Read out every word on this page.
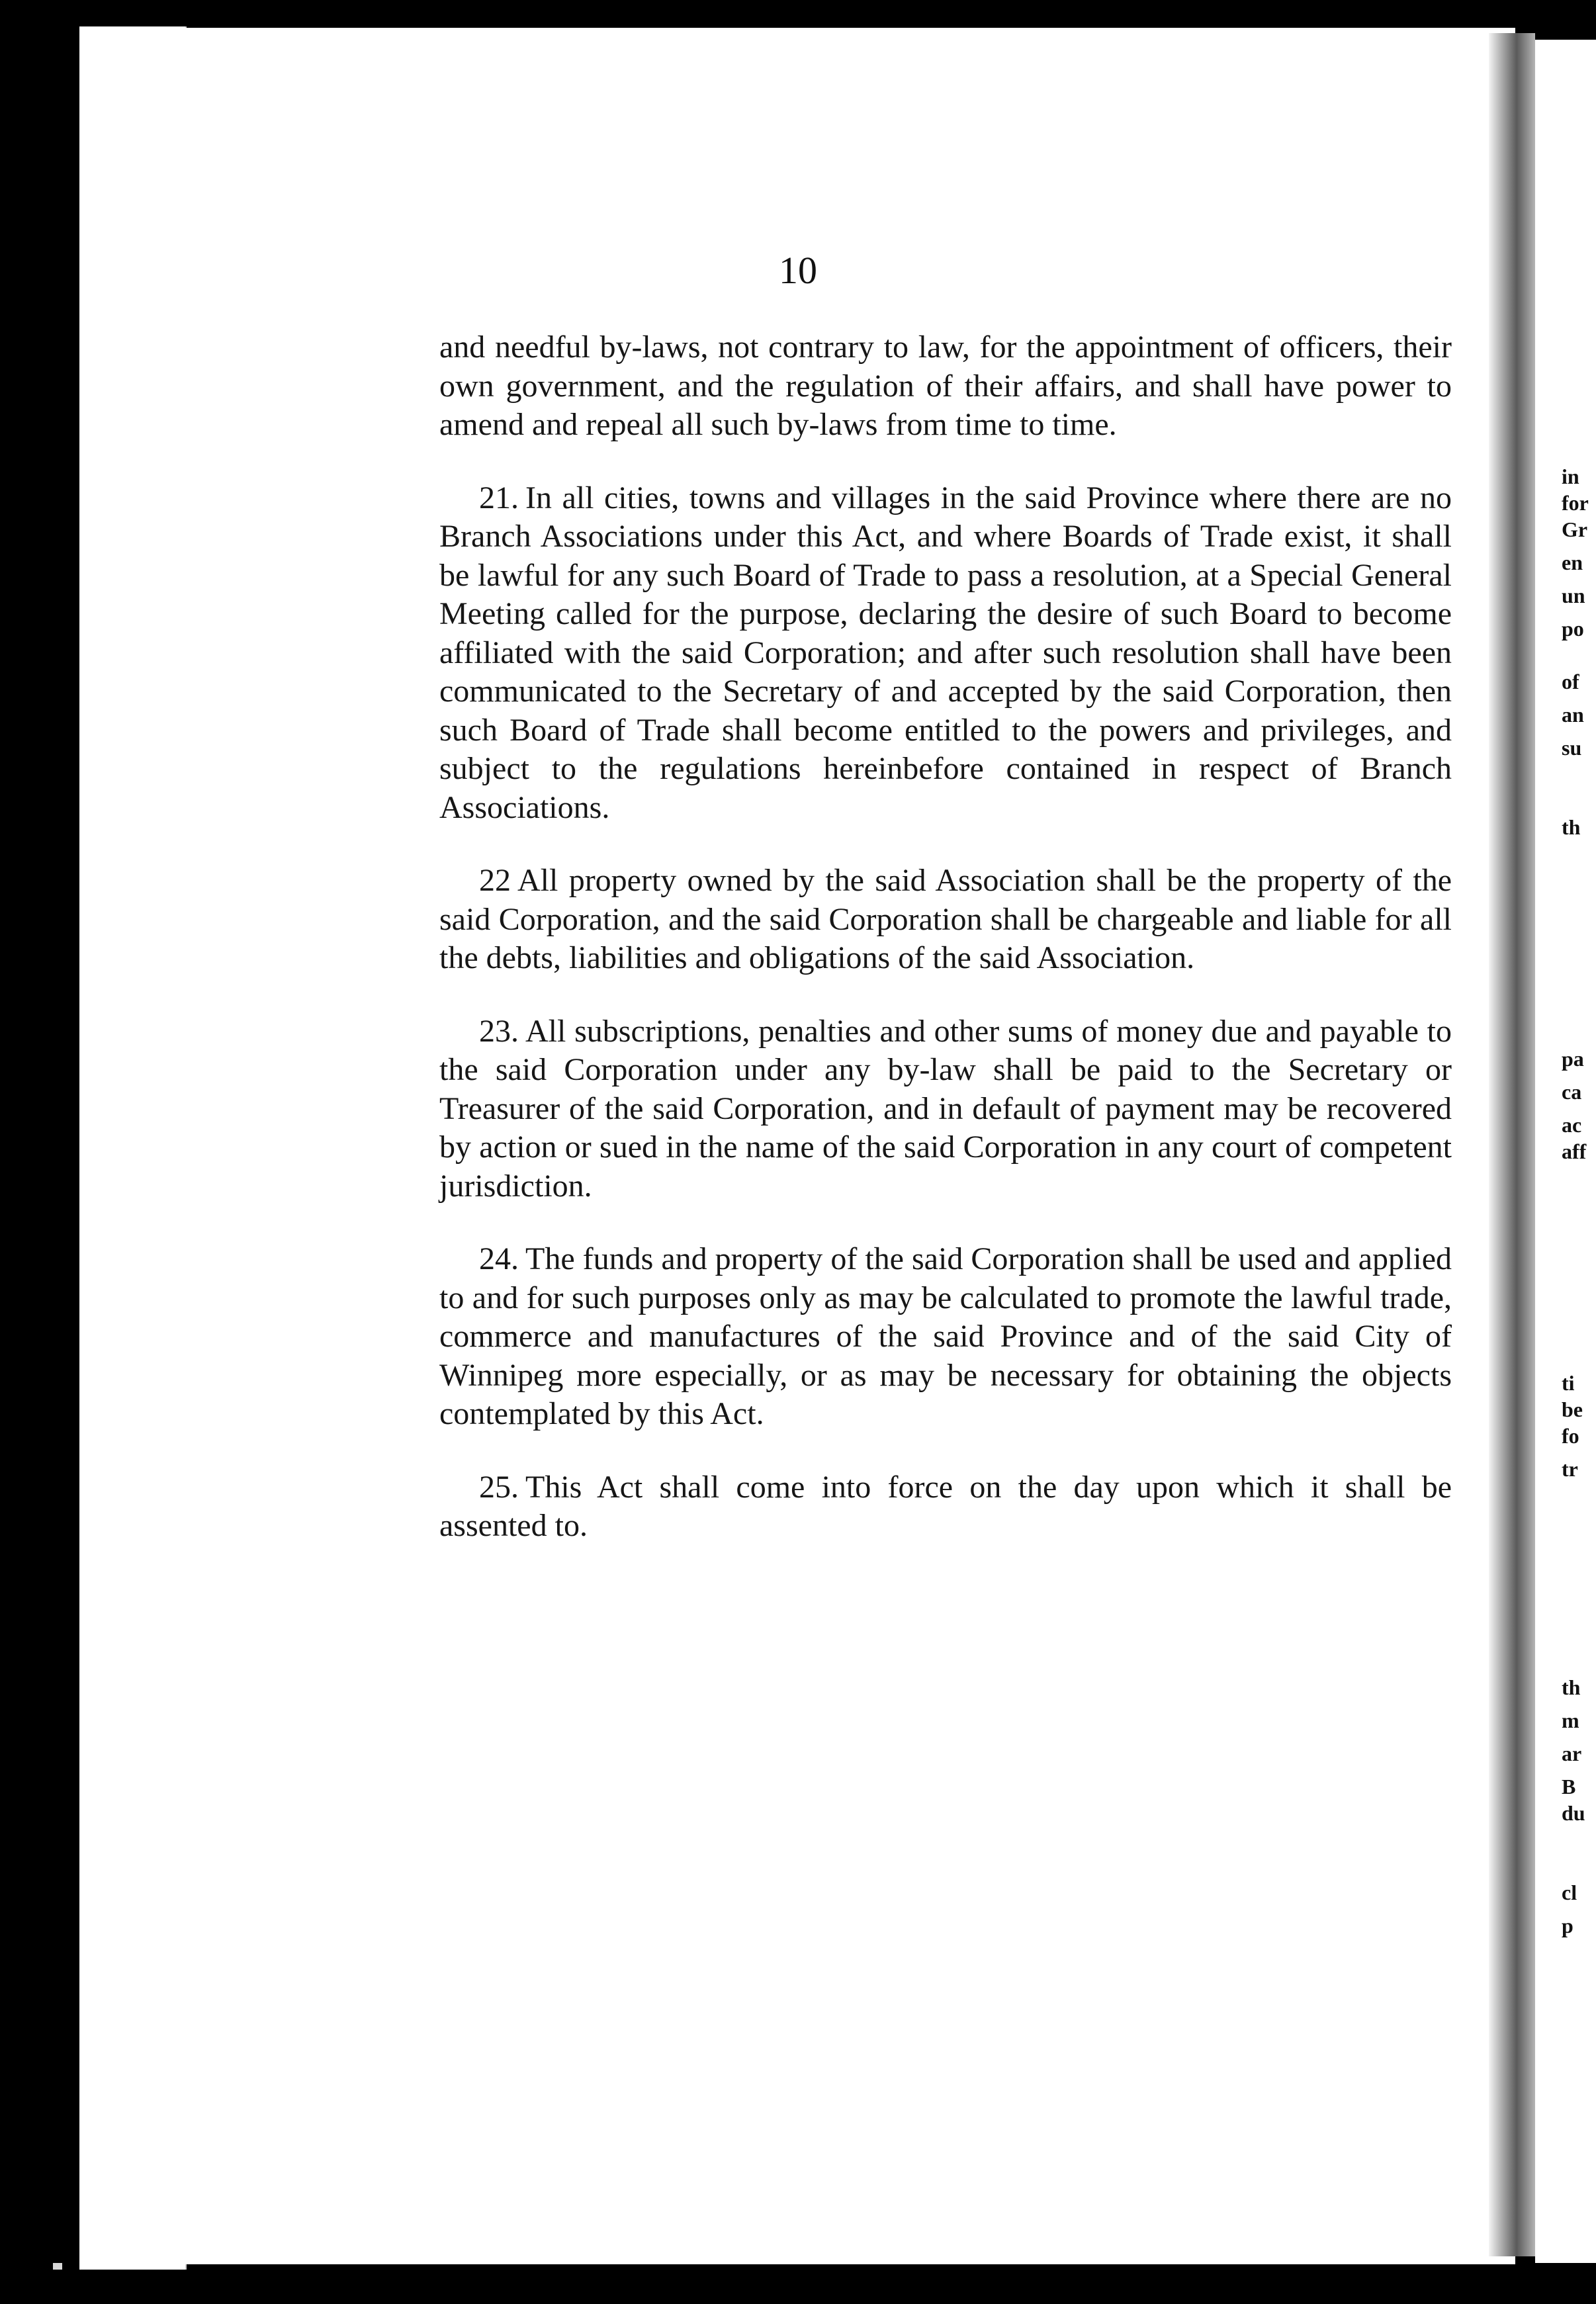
in
for
Gr
en
un
po
of
an
su
th
pa
ca
ac
aff
ti
be
fo
tr
th
m
ar
B
du
cl
p
10

and needful by-laws, not contrary to law, for the appointment of officers, their own government, and the regulation of their affairs, and shall have power to amend and repeal all such by-laws from time to time.

21. In all cities, towns and villages in the said Province where there are no Branch Associations under this Act, and where Boards of Trade exist, it shall be lawful for any such Board of Trade to pass a resolution, at a Special General Meeting called for the purpose, declaring the desire of such Board to become affiliated with the said Corporation; and after such resolution shall have been communicated to the Secretary of and accepted by the said Corporation, then such Board of Trade shall become entitled to the powers and privileges, and subject to the regulations hereinbefore contained in respect of Branch Associations.

22 All property owned by the said Association shall be the property of the said Corporation, and the said Corporation shall be chargeable and liable for all the debts, liabilities and obligations of the said Association.

23. All subscriptions, penalties and other sums of money due and payable to the said Corporation under any by-law shall be paid to the Secretary or Treasurer of the said Corporation, and in default of payment may be recovered by action or sued in the name of the said Corporation in any court of competent jurisdiction.

24. The funds and property of the said Corporation shall be used and applied to and for such purposes only as may be calculated to promote the lawful trade, commerce and manufactures of the said Province and of the said City of Winnipeg more especially, or as may be necessary for obtaining the objects contemplated by this Act.

25. This Act shall come into force on the day upon which it shall be assented to.
